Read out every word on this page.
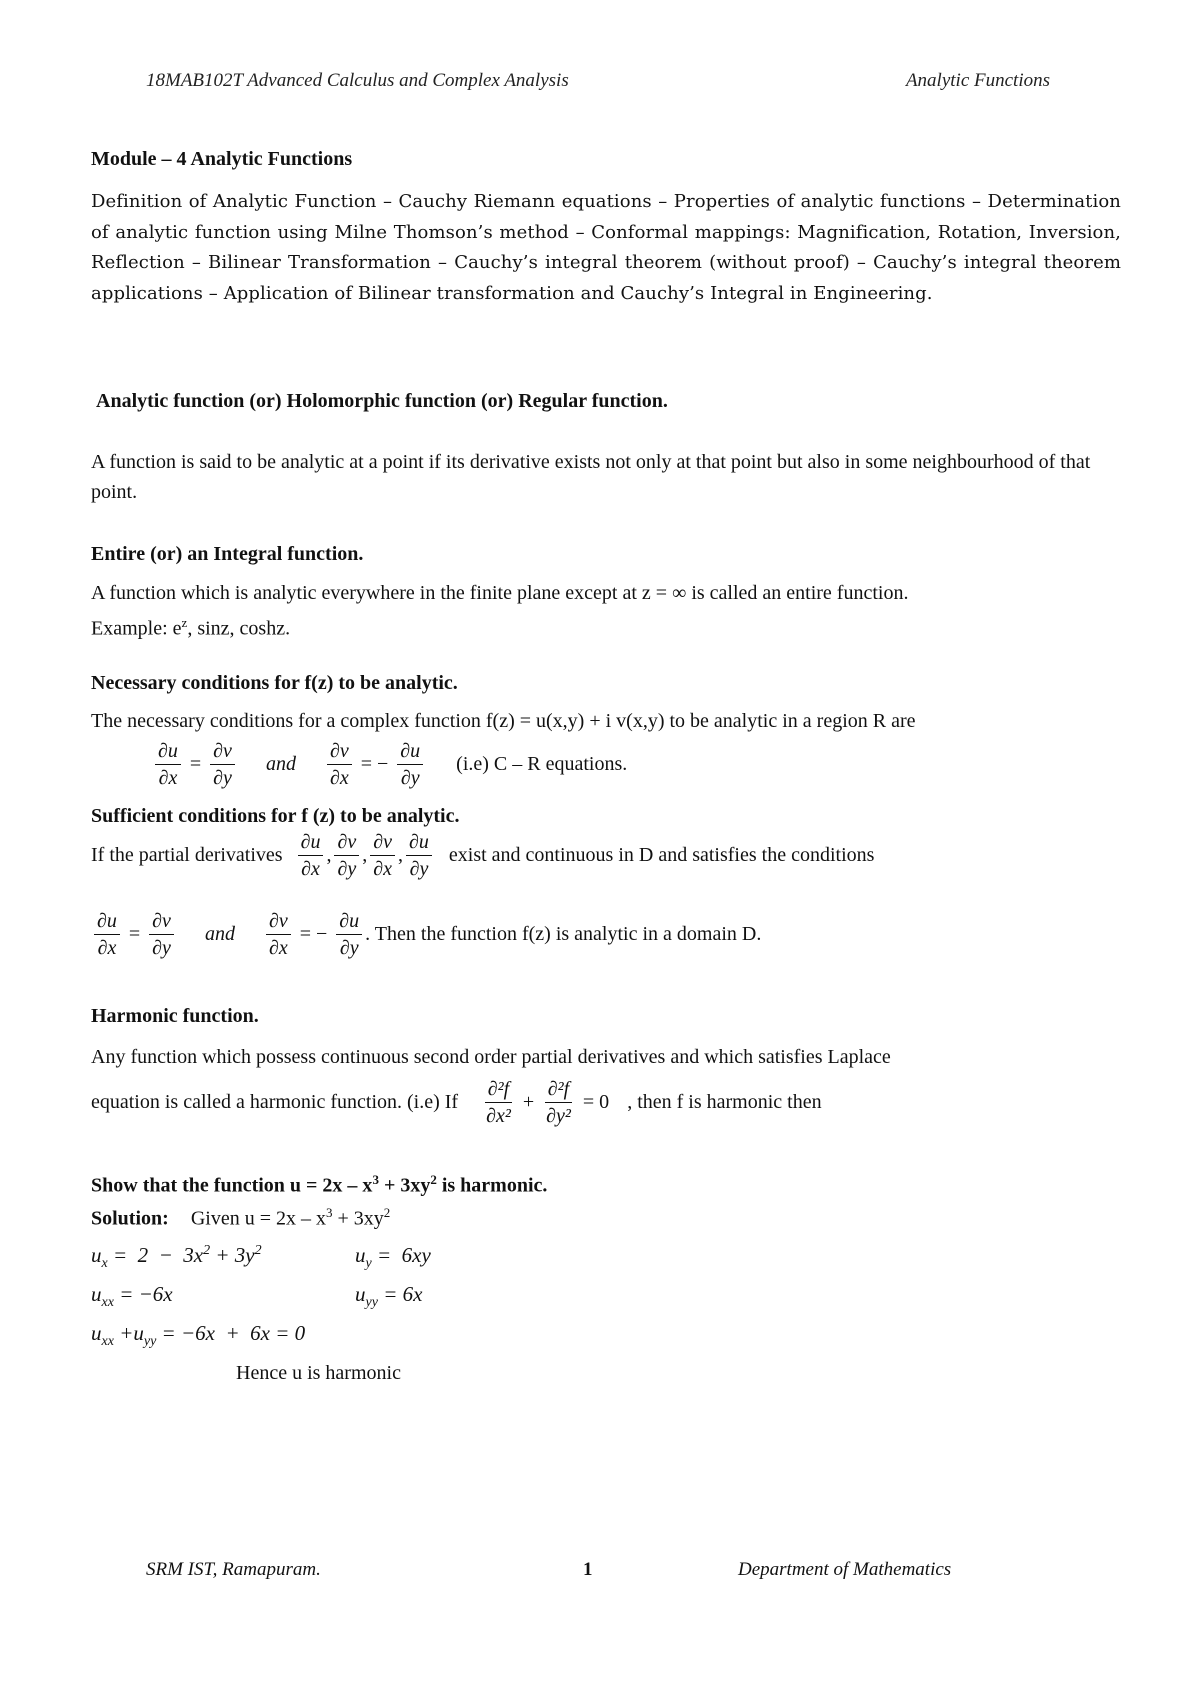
18MAB102T Advanced Calculus and Complex Analysis	Analytic Functions
Module – 4 Analytic Functions
Definition of Analytic Function – Cauchy Riemann equations – Properties of analytic functions – Determination of analytic function using Milne Thomson’s method – Conformal mappings: Magnification, Rotation, Inversion, Reflection – Bilinear Transformation – Cauchy’s integral theorem (without proof) – Cauchy’s integral theorem applications – Application of Bilinear transformation and Cauchy’s Integral in Engineering.
Analytic function (or) Holomorphic function (or) Regular function.
A function is said to be analytic at a point if its derivative exists not only at that point but also in some neighbourhood of that point.
Entire (or) an Integral function.
A function which is analytic everywhere in the finite plane except at z = ∞ is called an entire function.
Example: $e^z$, sinz, coshz.
Necessary conditions for f(z) to be analytic.
The necessary conditions for a complex function f(z) = u(x,y) + i v(x,y) to be analytic in a region R are
$\frac{\partial u}{\partial x} = \frac{\partial v}{\partial y}$ and $\frac{\partial v}{\partial x}$ = − $\frac{\partial u}{\partial y} (i.e)$ C – R equations.
Sufficient conditions for f (z) to be analytic.
If the partial derivatives $\frac{\partial u}{\partial x}$ , $\frac{\partial v}{\partial y}$ , $\frac{\partial v}{\partial x}$ , $\frac{\partial u}{\partial y}$ exist and continuous in D and satisfies the conditions
$\frac{\partial u}{\partial x} = \frac{\partial v}{\partial y}$ and $\frac{\partial v}{\partial x}$ = − $\frac{\partial u}{\partial y}$ . Then the function f(z) is analytic in a domain D.
Harmonic function.
Any function which possess continuous second order partial derivatives and which satisfies Laplace
equation is called a harmonic function. (i.e) If $\frac{\text{∂²f}}{\text{∂x²}} + \frac{\text{∂²f}}{\text{∂y²}} = 0$ , then f is harmonic then
Show that the function $u = 2x - x^3 + 3xy^2$ is harmonic.
Solution: Given $u = 2x - x^3 + 3xy^2$
$u_x = 2 - 3x^2 + 3y^2$	$u_y = 6xy$
$u_{xx} = -6x$	$u_{yy} = 6x$
$u_{xx} +u_{yy} = -6x + 6x = 0$
Hence u is harmonic
SRM IST, Ramapuram.	1	Department of Mathematics
